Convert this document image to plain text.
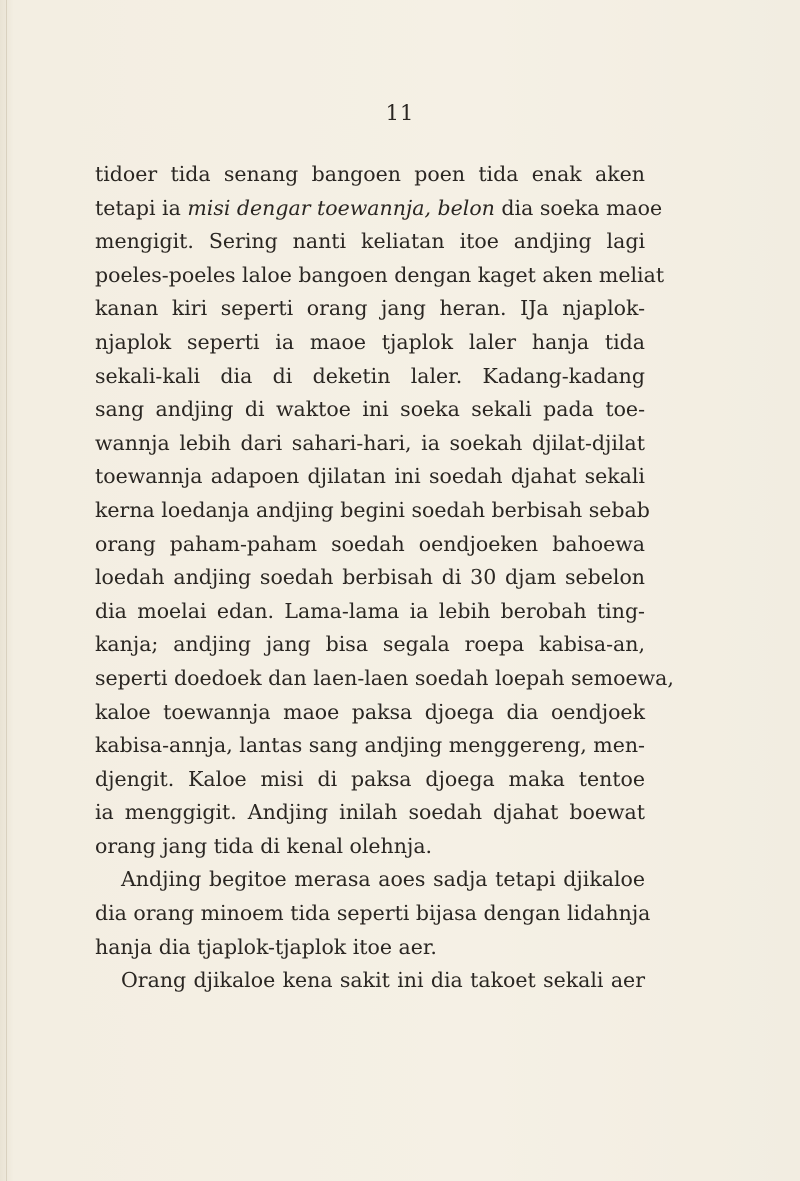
11
tidoer tida senang bangoen poen tida enak aken
tetapi ia misi dengar toewannja, belon dia soeka maoe
mengigit. Sering nanti keliatan itoe andjing lagi
poeles-poeles laloe bangoen dengan kaget aken meliat
kanan kiri seperti orang jang heran. IJa njaplok-
njaplok seperti ia maoe tjaplok laler hanja tida
sekali-kali dia di deketin laler. Kadang-kadang
sang andjing di waktoe ini soeka sekali pada toe-
wannja lebih dari sahari-hari, ia soekah djilat-djilat
toewannja adapoen djilatan ini soedah djahat sekali
kerna loedanja andjing begini soedah berbisah sebab
orang paham-paham soedah oendjoeken bahoewa
loedah andjing soedah berbisah di 30 djam sebelon
dia moelai edan. Lama-lama ia lebih berobah ting-
kanja; andjing jang bisa segala roepa kabisa-an,
seperti doedoek dan laen-laen soedah loepah semoewa,
kaloe toewannja maoe paksa djoega dia oendjoek
kabisa-annja, lantas sang andjing menggereng, men-
djengit. Kaloe misi di paksa djoega maka tentoe
ia menggigit. Andjing inilah soedah djahat boewat
orang jang tida di kenal olehnja.
Andjing begitoe merasa aoes sadja tetapi djikaloe
dia orang minoem tida seperti bijasa dengan lidahnja
hanja dia tjaplok-tjaplok itoe aer.
Orang djikaloe kena sakit ini dia takoet sekali aer
